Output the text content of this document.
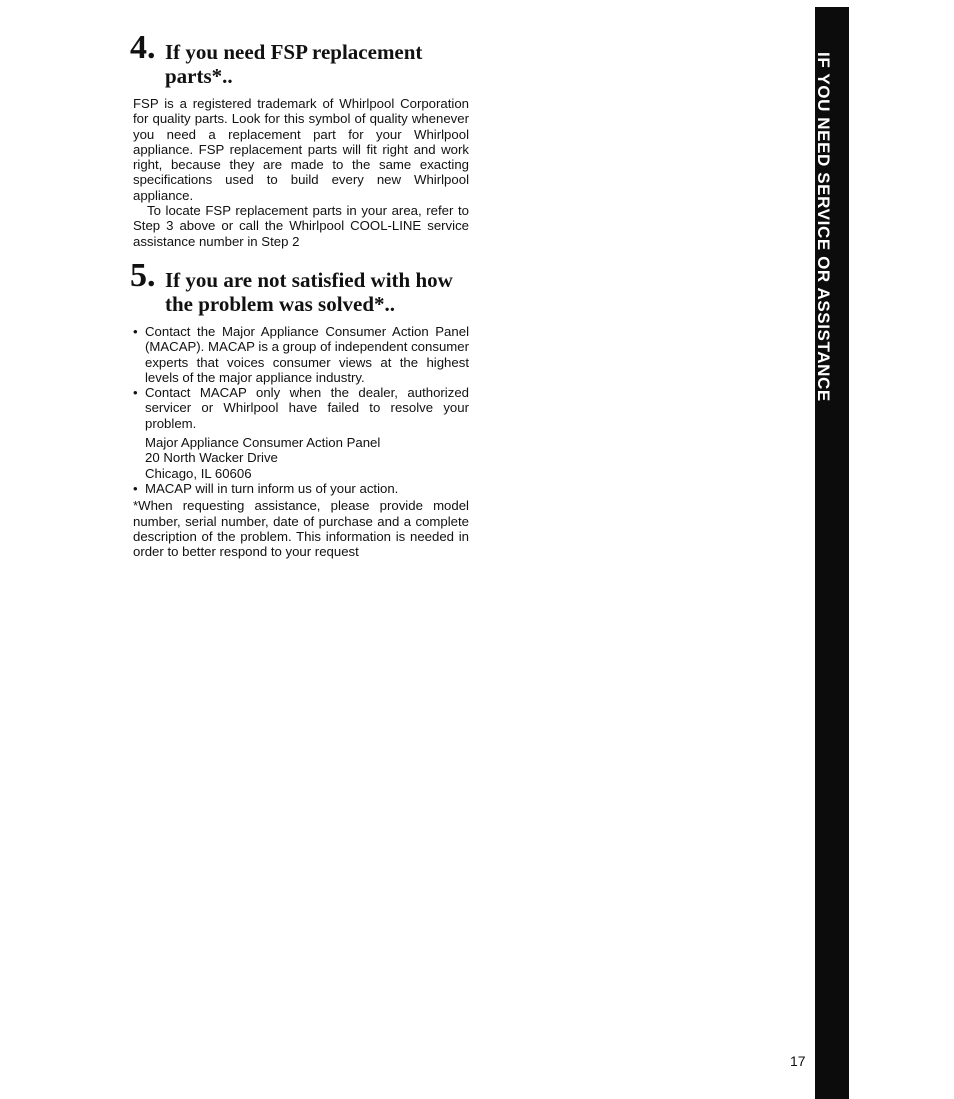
4. If you need FSP replacement parts*..

FSP is a registered trademark of Whirlpool Corporation for quality parts. Look for this symbol of quality whenever you need a replacement part for your Whirlpool appliance. FSP replacement parts will fit right and work right, because they are made to the same exacting specifications used to build every new Whirlpool appliance.

To locate FSP replacement parts in your area, refer to Step 3 above or call the Whirlpool COOL-LINE service assistance number in Step 2

5. If you are not satisfied with how the problem was solved*..

• Contact the Major Appliance Consumer Action Panel (MACAP). MACAP is a group of independent consumer experts that voices consumer views at the highest levels of the major appliance industry.

• Contact MACAP only when the dealer, authorized servicer or Whirlpool have failed to resolve your problem.

Major Appliance Consumer Action Panel
20 North Wacker Drive
Chicago, IL 60606

• MACAP will in turn inform us of your action.

*When requesting assistance, please provide model number, serial number, date of purchase and a complete description of the problem. This information is needed in order to better respond to your request

IF YOU NEED SERVICE OR ASSISTANCE
17
